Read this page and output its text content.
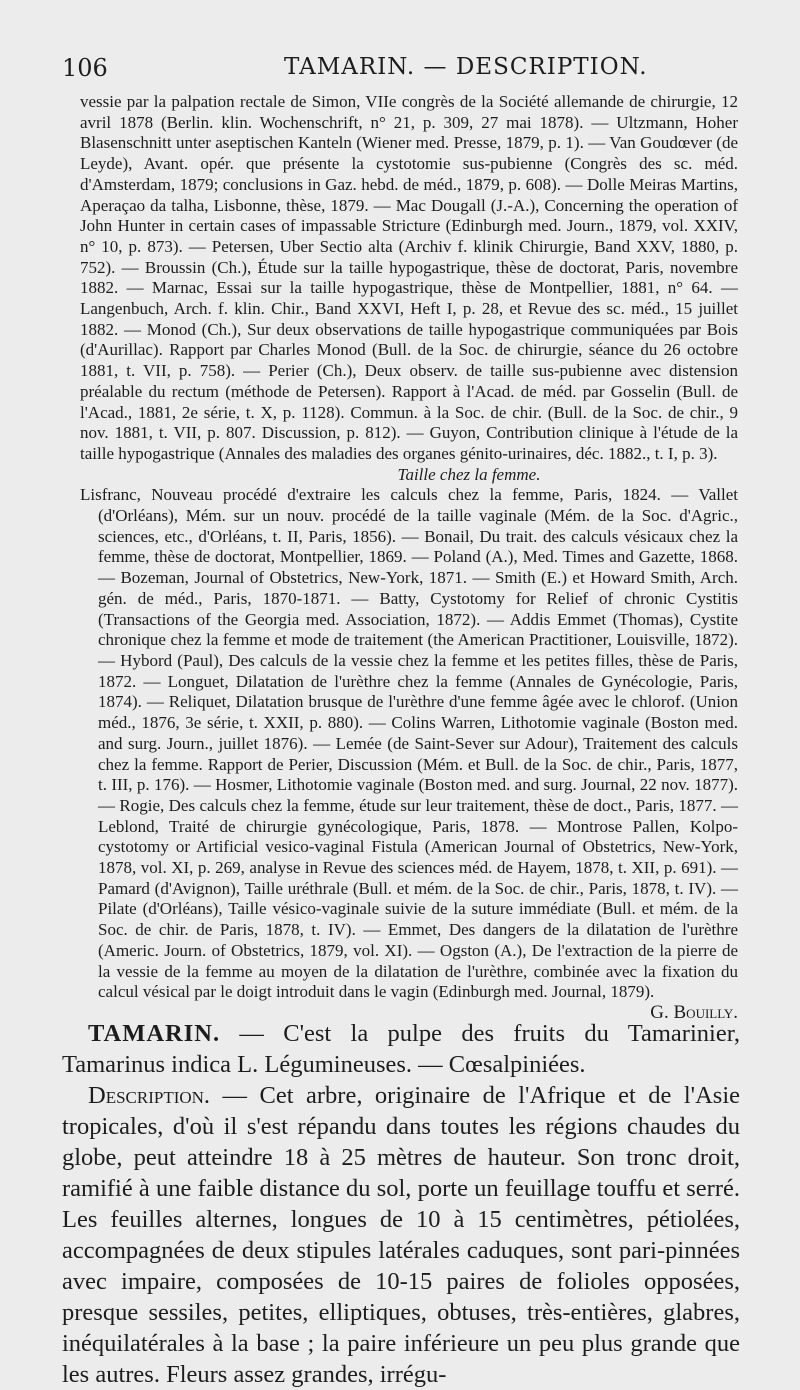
106	TAMARIN. — DESCRIPTION.

vessie par la palpation rectale de Simon, VIIe congrès de la Société allemande de chirurgie, 12 avril 1878 (Berlin. klin. Wochenschrift, n° 21, p. 309, 27 mai 1878). — Ultzmann, Hoher Blasenschnitt unter aseptischen Kanteln (Wiener med. Presse, 1879, p. 1). — Van Goudœver (de Leyde), Avant. opér. que présente la cystotomie sus-pubienne (Congrès des sc. méd. d'Amsterdam, 1879; conclusions in Gaz. hebd. de méd., 1879, p. 608). — Dolle Meiras Martins, Aperaçao da talha, Lisbonne, thèse, 1879. — Mac Dougall (J.-A.), Concerning the operation of John Hunter in certain cases of impassable Stricture (Edinburgh med. Journ., 1879, vol. XXIV, n° 10, p. 873). — Petersen, Uber Sectio alta (Archiv f. klinik Chirurgie, Band XXV, 1880, p. 752). — Broussin (Ch.), Étude sur la taille hypogastrique, thèse de doctorat, Paris, novembre 1882. — Marnac, Essai sur la taille hypogastrique, thèse de Montpellier, 1881, n° 64. — Langenbuch, Arch. f. klin. Chir., Band XXVI, Heft I, p. 28, et Revue des sc. méd., 15 juillet 1882. — Monod (Ch.), Sur deux observations de taille hypogastrique communiquées par Bois (d'Aurillac). Rapport par Charles Monod (Bull. de la Soc. de chirurgie, séance du 26 octobre 1881, t. VII, p. 758). — Perier (Ch.), Deux observ. de taille sus-pubienne avec distension préalable du rectum (méthode de Petersen). Rapport à l'Acad. de méd. par Gosselin (Bull. de l'Acad., 1881, 2e série, t. X, p. 1128). Commun. à la Soc. de chir. (Bull. de la Soc. de chir., 9 nov. 1881, t. VII, p. 807. Discussion, p. 812). — Guyon, Contribution clinique à l'étude de la taille hypogastrique (Annales des maladies des organes génito-urinaires, déc. 1882., t. I, p. 3).

Taille chez la femme.

Lisfranc, Nouveau procédé d'extraire les calculs chez la femme, Paris, 1824. — Vallet (d'Orléans), Mém. sur un nouv. procédé de la taille vaginale (Mém. de la Soc. d'Agric., sciences, etc., d'Orléans, t. II, Paris, 1856). — Bonail, Du trait. des calculs vésicaux chez la femme, thèse de doctorat, Montpellier, 1869. — Poland (A.), Med. Times and Gazette, 1868. — Bozeman, Journal of Obstetrics, New-York, 1871. — Smith (E.) et Howard Smith, Arch. gén. de méd., Paris, 1870-1871. — Batty, Cystotomy for Relief of chronic Cystitis (Transactions of the Georgia med. Association, 1872). — Addis Emmet (Thomas), Cystite chronique chez la femme et mode de traitement (the American Practitioner, Louisville, 1872). — Hybord (Paul), Des calculs de la vessie chez la femme et les petites filles, thèse de Paris, 1872. — Longuet, Dilatation de l'urèthre chez la femme (Annales de Gynécologie, Paris, 1874). — Reliquet, Dilatation brusque de l'urèthre d'une femme âgée avec le chlorof. (Union méd., 1876, 3e série, t. XXII, p. 880). — Colins Warren, Lithotomie vaginale (Boston med. and surg. Journ., juillet 1876). — Lemée (de Saint-Sever sur Adour), Traitement des calculs chez la femme. Rapport de Perier, Discussion (Mém. et Bull. de la Soc. de chir., Paris, 1877, t. III, p. 176). — Hosmer, Lithotomie vaginale (Boston med. and surg. Journal, 22 nov. 1877). — Rogie, Des calculs chez la femme, étude sur leur traitement, thèse de doct., Paris, 1877. — Leblond, Traité de chirurgie gynécologique, Paris, 1878. — Montrose Pallen, Kolpo-cystotomy or Artificial vesico-vaginal Fistula (American Journal of Obstetrics, New-York, 1878, vol. XI, p. 269, analyse in Revue des sciences méd. de Hayem, 1878, t. XII, p. 691). — Pamard (d'Avignon), Taille uréthrale (Bull. et mém. de la Soc. de chir., Paris, 1878, t. IV). — Pilate (d'Orléans), Taille vésico-vaginale suivie de la suture immédiate (Bull. et mém. de la Soc. de chir. de Paris, 1878, t. IV). — Emmet, Des dangers de la dilatation de l'urèthre (Americ. Journ. of Obstetrics, 1879, vol. XI). — Ogston (A.), De l'extraction de la pierre de la vessie de la femme au moyen de la dilatation de l'urèthre, combinée avec la fixation du calcul vésical par le doigt introduit dans le vagin (Edinburgh med. Journal, 1879).

G. Bouilly.

TAMARIN. — C'est la pulpe des fruits du Tamarinier, Tamarinus indica L. Légumineuses. — Cœsalpiniées.

Description. — Cet arbre, originaire de l'Afrique et de l'Asie tropicales, d'où il s'est répandu dans toutes les régions chaudes du globe, peut atteindre 18 à 25 mètres de hauteur. Son tronc droit, ramifié à une faible distance du sol, porte un feuillage touffu et serré. Les feuilles alternes, longues de 10 à 15 centimètres, pétiolées, accompagnées de deux stipules latérales caduques, sont pari-pinnées avec impaire, composées de 10-15 paires de folioles opposées, presque sessiles, petites, elliptiques, obtuses, très-entières, glabres, inéquilatérales à la base ; la paire inférieure un peu plus grande que les autres. Fleurs assez grandes, irrégu-
